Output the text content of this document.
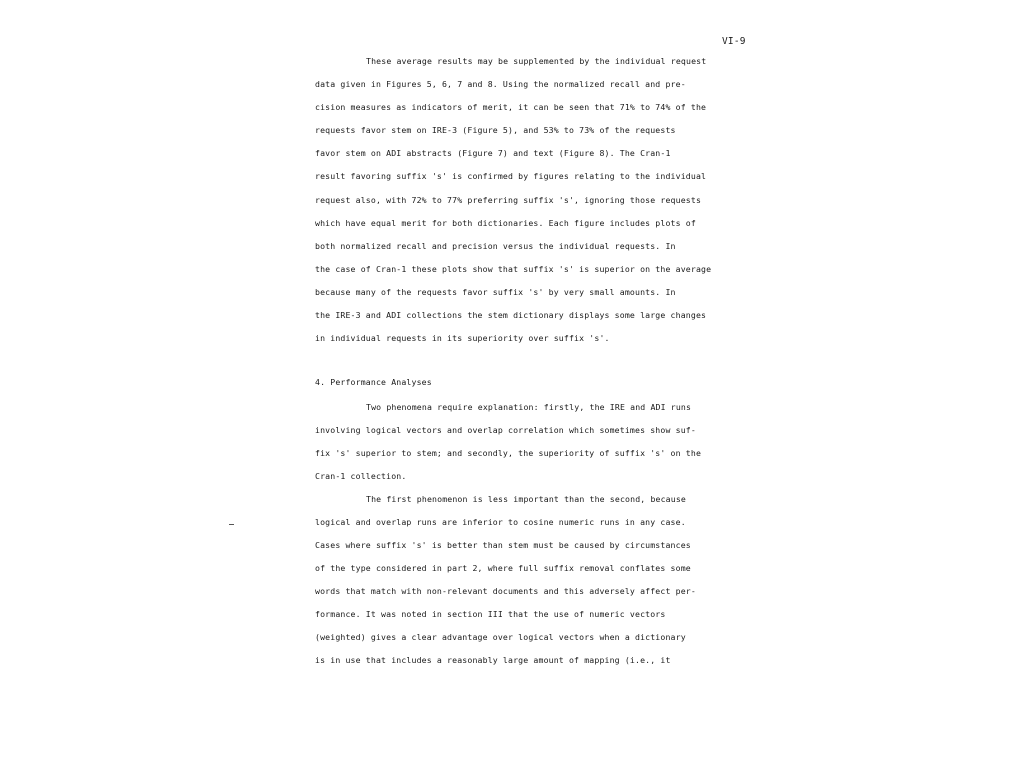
VI-9
These average results may be supplemented by the individual request
data given in Figures 5, 6, 7 and 8. Using the normalized recall and pre-
cision measures as indicators of merit, it can be seen that 71% to 74% of the
requests favor stem on IRE-3 (Figure 5), and 53% to 73% of the requests
favor stem on ADI abstracts (Figure 7) and text (Figure 8). The Cran-1
result favoring suffix 's' is confirmed by figures relating to the individual
request also, with 72% to 77% preferring suffix 's', ignoring those requests
which have equal merit for both dictionaries. Each figure includes plots of
both normalized recall and precision versus the individual requests. In
the case of Cran-1 these plots show that suffix 's' is superior on the average
because many of the requests favor suffix 's' by very small amounts. In
the IRE-3 and ADI collections the stem dictionary displays some large changes
in individual requests in its superiority over suffix 's'.
4. Performance Analyses
Two phenomena require explanation: firstly, the IRE and ADI runs
involving logical vectors and overlap correlation which sometimes show suf-
fix 's' superior to stem; and secondly, the superiority of suffix 's' on the
Cran-1 collection.
The first phenomenon is less important than the second, because
logical and overlap runs are inferior to cosine numeric runs in any case.
Cases where suffix 's' is better than stem must be caused by circumstances
of the type considered in part 2, where full suffix removal conflates some
words that match with non-relevant documents and this adversely affect per-
formance. It was noted in section III that the use of numeric vectors
(weighted) gives a clear advantage over logical vectors when a dictionary
is in use that includes a reasonably large amount of mapping (i.e., it
